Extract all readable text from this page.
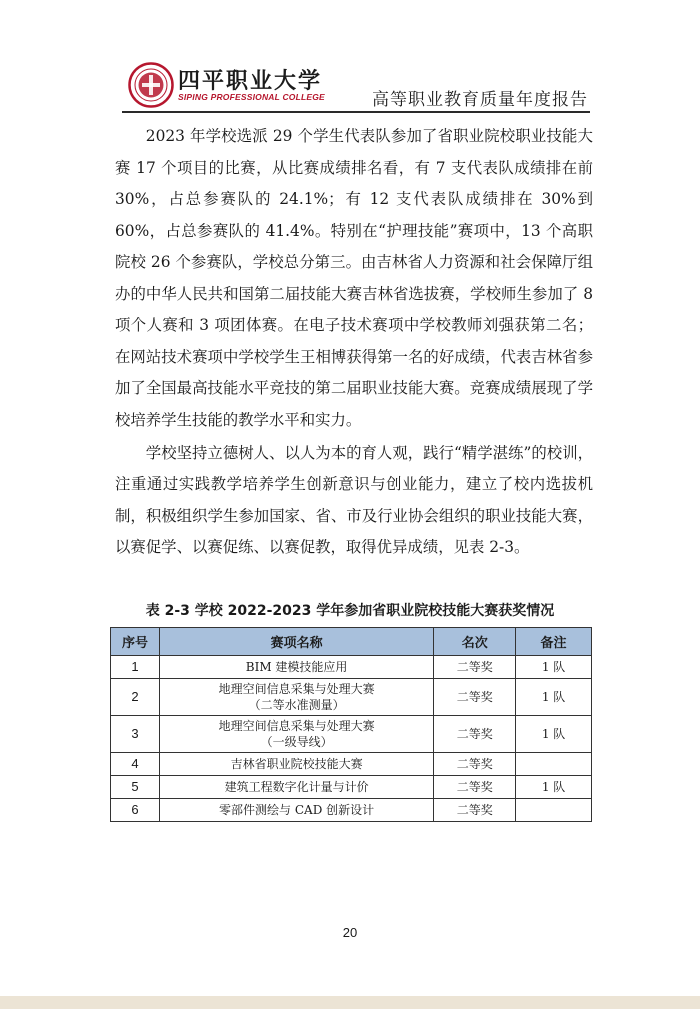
四平职业大学
SIPING PROFESSIONAL COLLEGE	高等职业教育质量年度报告

2023 年学校选派 29 个学生代表队参加了省职业院校职业技能大赛 17 个项目的比赛，从比赛成绩排名看，有 7 支代表队成绩排在前 30%，占总参赛队的 24.1%；有 12 支代表队成绩排在 30%到 60%，占总参赛队的 41.4%。特别在“护理技能”赛项中，13 个高职院校 26 个参赛队，学校总分第三。由吉林省人力资源和社会保障厅组办的中华人民共和国第二届技能大赛吉林省选拔赛，学校师生参加了 8 项个人赛和 3 项团体赛。在电子技术赛项中学校教师刘强获第二名；在网站技术赛项中学校学生王相博获得第一名的好成绩，代表吉林省参加了全国最高技能水平竞技的第二届职业技能大赛。竞赛成绩展现了学校培养学生技能的教学水平和实力。

学校坚持立德树人、以人为本的育人观，践行“精学湛练”的校训，注重通过实践教学培养学生创新意识与创业能力，建立了校内选拔机制，积极组织学生参加国家、省、市及行业协会组织的职业技能大赛，以赛促学、以赛促练、以赛促教，取得优异成绩，见表 2-3。

表 2-3 学校 2022-2023 学年参加省职业院校技能大赛获奖情况
序号	赛项名称	名次	备注
1	BIM 建模技能应用	二等奖	1 队
2	地理空间信息采集与处理大赛
（二等水准测量）	二等奖	1 队
3	地理空间信息采集与处理大赛
（一级导线）	二等奖	1 队
4	吉林省职业院校技能大赛	二等奖	
5	建筑工程数字化计量与计价	二等奖	1 队
6	零部件测绘与 CAD 创新设计	二等奖	
20
